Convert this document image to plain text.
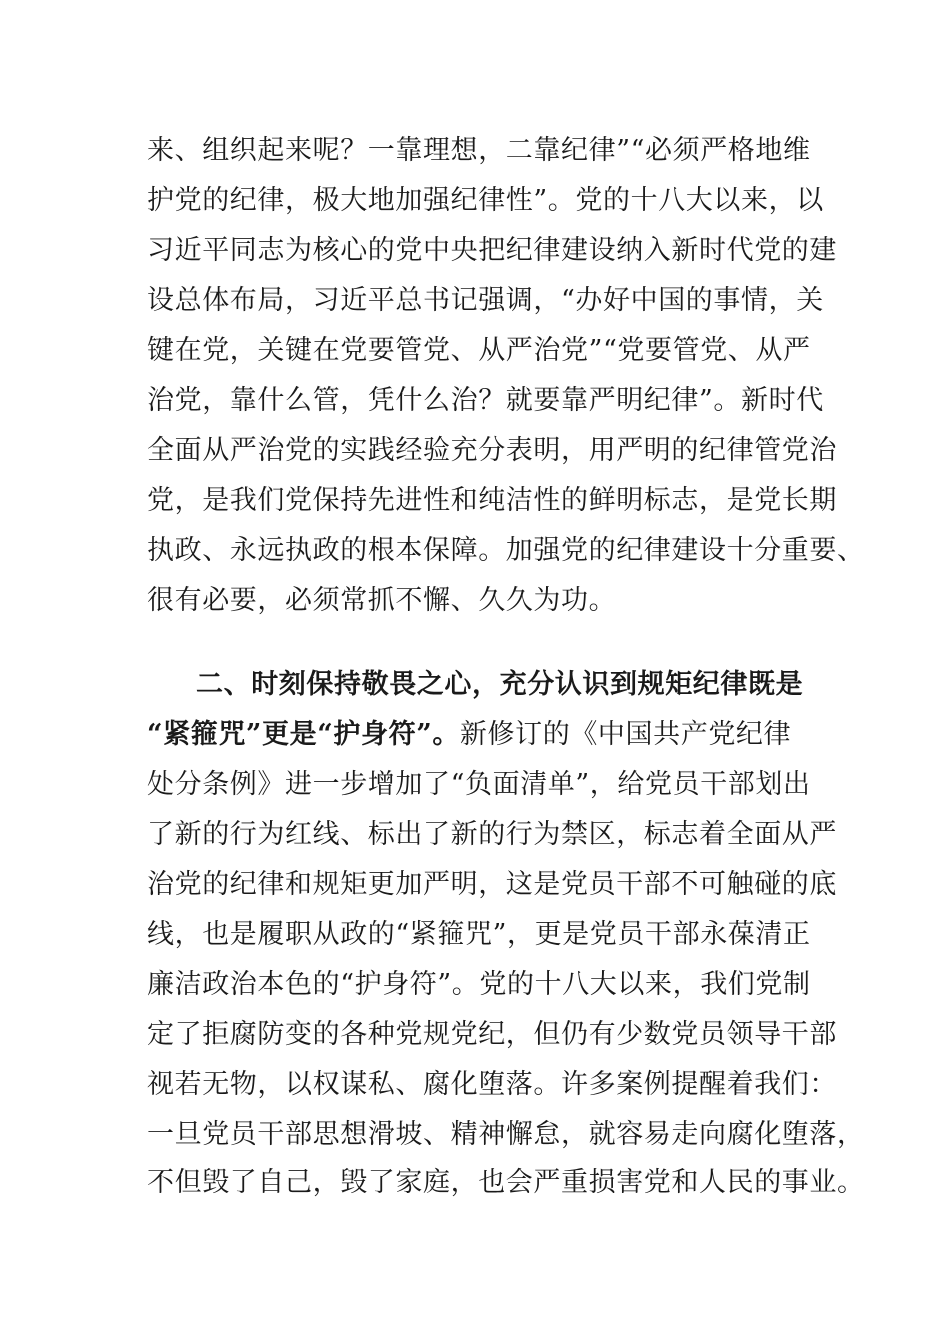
来、组织起来呢？一靠理想，二靠纪律”“必须严格地维
护党的纪律，极大地加强纪律性”。党的十八大以来，以
习近平同志为核心的党中央把纪律建设纳入新时代党的建
设总体布局，习近平总书记强调，“办好中国的事情，关
键在党，关键在党要管党、从严治党”“党要管党、从严
治党，靠什么管，凭什么治？就要靠严明纪律”。新时代
全面从严治党的实践经验充分表明，用严明的纪律管党治
党，是我们党保持先进性和纯洁性的鲜明标志，是党长期
执政、永远执政的根本保障。加强党的纪律建设十分重要、
很有必要，必须常抓不懈、久久为功。
二、时刻保持敬畏之心，充分认识到规矩纪律既是
“紧箍咒”更是“护身符”。新修订的《中国共产党纪律
处分条例》进一步增加了“负面清单”，给党员干部划出
了新的行为红线、标出了新的行为禁区，标志着全面从严
治党的纪律和规矩更加严明，这是党员干部不可触碰的底
线，也是履职从政的“紧箍咒”，更是党员干部永葆清正
廉洁政治本色的“护身符”。党的十八大以来，我们党制
定了拒腐防变的各种党规党纪，但仍有少数党员领导干部
视若无物，以权谋私、腐化堕落。许多案例提醒着我们：
一旦党员干部思想滑坡、精神懈怠，就容易走向腐化堕落，
不但毁了自己，毁了家庭，也会严重损害党和人民的事业。
